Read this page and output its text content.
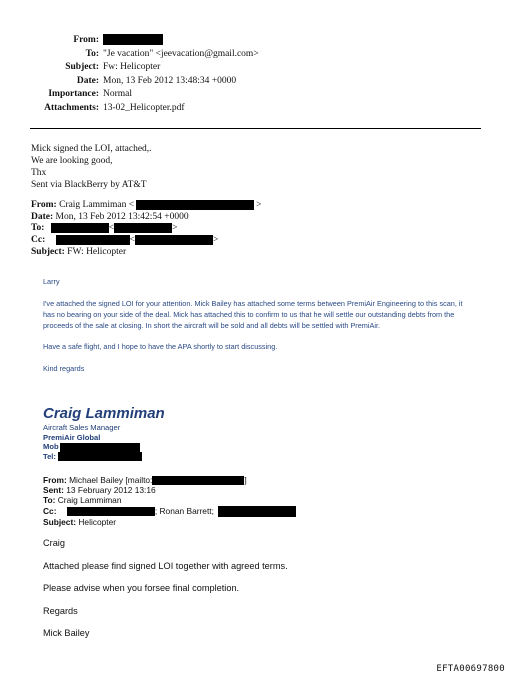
From:
To: "Je vacation" <jeevacation@gmail.com>
Subject: Fw: Helicopter
Date: Mon, 13 Feb 2012 13:48:34 +0000
Importance: Normal
Attachments: 13-02_Helicopter.pdf
Mick signed the LOI, attached,.
We are looking good,
Thx
Sent via BlackBerry by AT&T
From: Craig Lammiman <	>
Date: Mon, 13 Feb 2012 13:42:54 +0000
To:	<	>
Cc:	<	>
Subject: FW: Helicopter

Larry

I've attached the signed LOI for your attention. Mick Bailey has attached some terms between PremiAir Engineering to this scan, it has no bearing on your side of the deal. Mick has attached this to confirm to us that he will settle our outstanding debts from the proceeds of the sale at closing. In short the aircraft will be sold and all debts will be settled with PremiAir.

Have a safe flight, and I hope to have the APA shortly to start discussing.

Kind regards

Craig Lammiman
Aircraft Sales Manager
PremiAir Global
Mob
Tel:
From: Michael Bailey [mailto:	]
Sent: 13 February 2012 13:16
To: Craig Lammiman
Cc:	; Ronan Barrett;
Subject: Helicopter

Craig

Attached please find signed LOI together with agreed terms.

Please advise when you forsee final completion.

Regards

Mick Bailey

EFTA00697800
